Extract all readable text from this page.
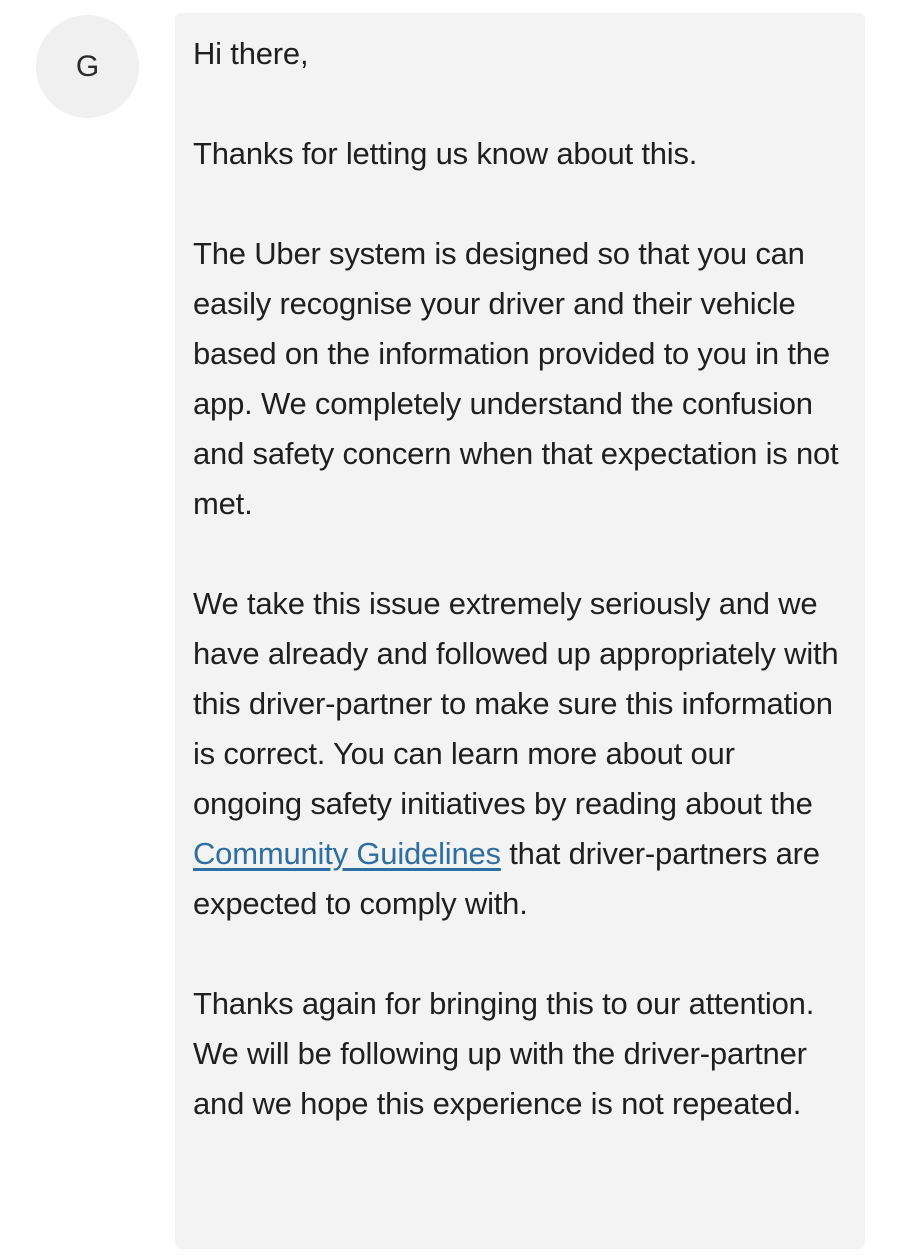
G	Hi there,

Thanks for letting us know about this.

The Uber system is designed so that you can easily recognise your driver and their vehicle based on the information provided to you in the app. We completely understand the confusion and safety concern when that expectation is not met.

We take this issue extremely seriously and we have already and followed up appropriately with this driver-partner to make sure this information is correct. You can learn more about our ongoing safety initiatives by reading about the Community Guidelines that driver-partners are expected to comply with.

Thanks again for bringing this to our attention. We will be following up with the driver-partner and we hope this experience is not repeated.
